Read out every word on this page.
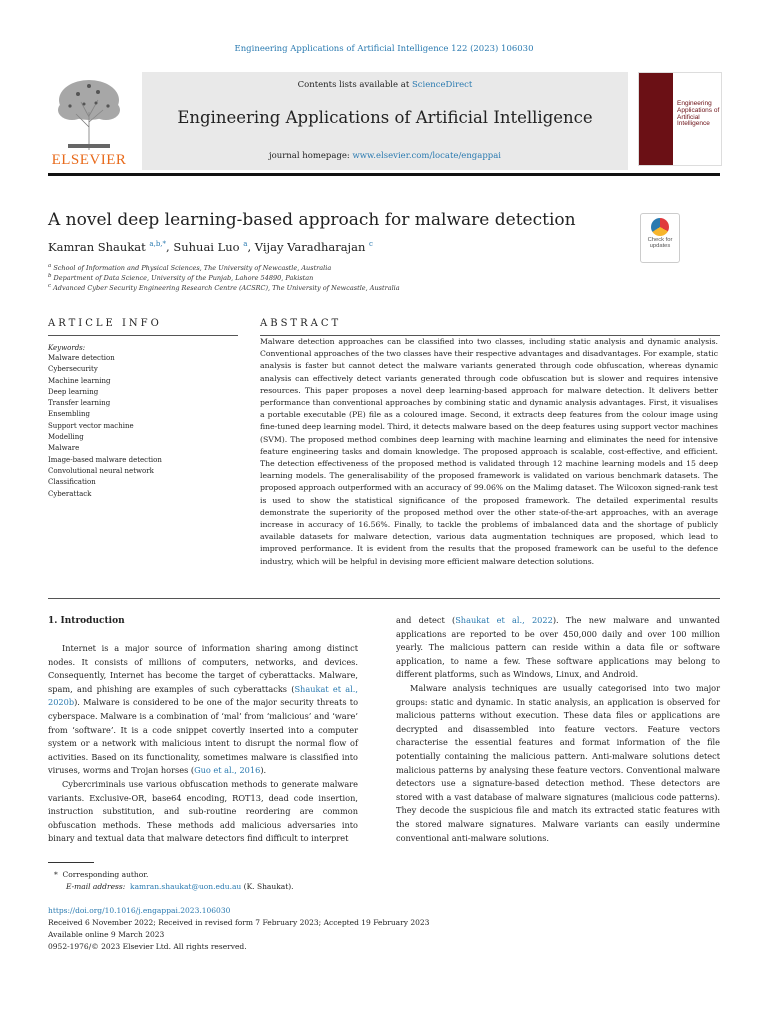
Engineering Applications of Artificial Intelligence 122 (2023) 106030
ELSEVIER
Contents lists available at ScienceDirect
Engineering Applications of Artificial Intelligence
journal homepage: www.elsevier.com/locate/engappai
Engineering Applications of Artificial Intelligence
A novel deep learning-based approach for malware detection
Kamran Shaukat $^{a,b,*}$, Suhuai Luo $^a$, Vijay Varadharajan $^c$
Check for
updates
$^a$ School of Information and Physical Sciences, The University of Newcastle, Australia
$^b$ Department of Data Science, University of the Punjab, Lahore 54890, Pakistan
$^c$ Advanced Cyber Security Engineering Research Centre (ACSRC), The University of Newcastle, Australia
ARTICLE INFO	ABSTRACT
Keywords:
Malware detection
Cybersecurity
Machine learning
Deep learning
Transfer learning
Ensembling
Support vector machine
Modelling
Malware
Image-based malware detection
Convolutional neural network
Classification
Cyberattack

Malware detection approaches can be classified into two classes, including static analysis and dynamic analysis. Conventional approaches of the two classes have their respective advantages and disadvantages. For example, static analysis is faster but cannot detect the malware variants generated through code obfuscation, whereas dynamic analysis can effectively detect variants generated through code obfuscation but is slower and requires intensive resources. This paper proposes a novel deep learning-based approach for malware detection. It delivers better performance than conventional approaches by combining static and dynamic analysis advantages. First, it visualises a portable executable (PE) file as a coloured image. Second, it extracts deep features from the colour image using fine-tuned deep learning model. Third, it detects malware based on the deep features using support vector machines (SVM). The proposed method combines deep learning with machine learning and eliminates the need for intensive feature engineering tasks and domain knowledge. The proposed approach is scalable, cost-effective, and efficient. The detection effectiveness of the proposed method is validated through 12 machine learning models and 15 deep learning models. The generalisability of the proposed framework is validated on various benchmark datasets. The proposed approach outperformed with an accuracy of 99.06% on the Malimg dataset. The Wilcoxon signed-rank test is used to show the statistical significance of the proposed framework. The detailed experimental results demonstrate the superiority of the proposed method over the other state-of-the-art approaches, with an average increase in accuracy of 16.56%. Finally, to tackle the problems of imbalanced data and the shortage of publicly available datasets for malware detection, various data augmentation techniques are proposed, which lead to improved performance. It is evident from the results that the proposed framework can be useful to the defence industry, which will be helpful in devising more efficient malware detection solutions.

1. Introduction

Internet is a major source of information sharing among distinct nodes. It consists of millions of computers, networks, and devices. Consequently, Internet has become the target of cyberattacks. Malware, spam, and phishing are examples of such cyberattacks (Shaukat et al., 2020b). Malware is considered to be one of the major security threats to cyberspace. Malware is a combination of ‘mal’ from ‘malicious’ and ‘ware’ from ‘software’. It is a code snippet covertly inserted into a computer system or a network with malicious intent to disrupt the normal flow of activities. Based on its functionality, sometimes malware is classified into viruses, worms and Trojan horses (Guo et al., 2016).

Cybercriminals use various obfuscation methods to generate malware variants. Exclusive-OR, base64 encoding, ROT13, dead code insertion, instruction substitution, and sub-routine reordering are common obfuscation methods. These methods add malicious adversaries into binary and textual data that malware detectors find difficult to interpret

and detect (Shaukat et al., 2022). The new malware and unwanted applications are reported to be over 450,000 daily and over 100 million yearly. The malicious pattern can reside within a data file or software application, to name a few. These software applications may belong to different platforms, such as Windows, Linux, and Android.

Malware analysis techniques are usually categorised into two major groups: static and dynamic. In static analysis, an application is observed for malicious patterns without execution. These data files or applications are decrypted and disassembled into feature vectors. Feature vectors characterise the essential features and format information of the file potentially containing the malicious pattern. Anti-malware solutions detect malicious patterns by analysing these feature vectors. Conventional malware detectors use a signature-based detection method. These detectors are stored with a vast database of malware signatures (malicious code patterns). They decode the suspicious file and match its extracted static features with the stored malware signatures. Malware variants can easily undermine conventional anti-malware solutions.

*  Corresponding author.
E-mail address: kamran.shaukat@uon.edu.au (K. Shaukat).
https://doi.org/10.1016/j.engappai.2023.106030
Received 6 November 2022; Received in revised form 7 February 2023; Accepted 19 February 2023
Available online 9 March 2023
0952-1976/© 2023 Elsevier Ltd. All rights reserved.
